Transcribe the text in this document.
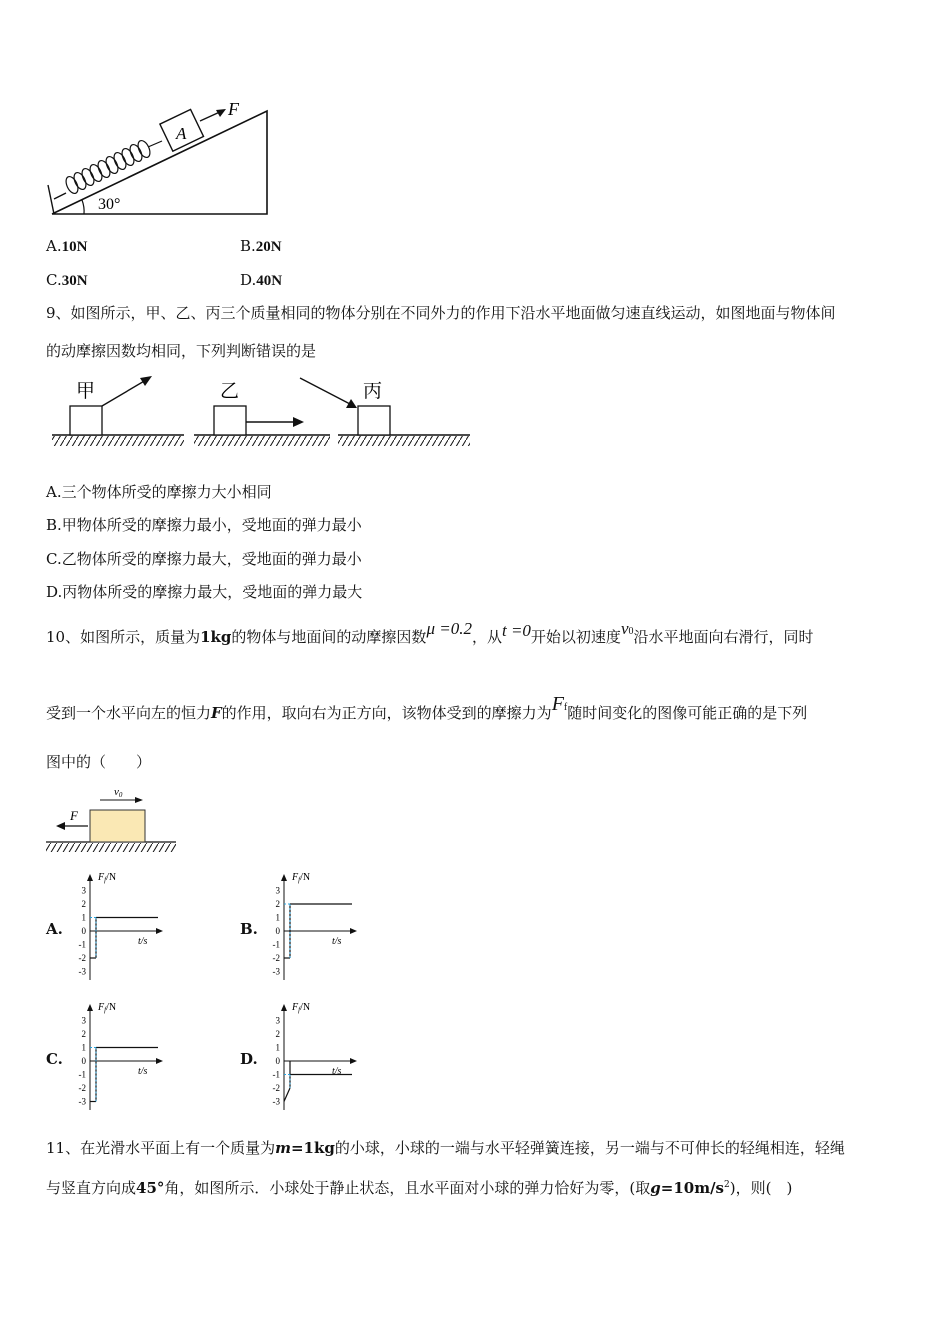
A
F
30°
A.10N	B.20N
C.30N	D.40N
9、如图所示，甲、乙、丙三个质量相同的物体分别在不同外力的作用下沿水平地面做匀速直线运动，如图地面与物体间
的动摩擦因数均相同，下列判断错误的是
甲	乙	丙
A.三个物体所受的摩擦力大小相同
B.甲物体所受的摩擦力最小，受地面的弹力最小
C.乙物体所受的摩擦力最大，受地面的弹力最小
D.丙物体所受的摩擦力最大，受地面的弹力最大
10、如图所示，质量为1kg的物体与地面间的动摩擦因数μ =0.2，从t =0开始以初速度v0沿水平地面向右滑行，同时
受到一个水平向左的恒力F的作用，取向右为正方向，该物体受到的摩擦力为Ff随时间变化的图像可能正确的是下列
图中的（　　）
v0
F
A.
$F_f/N$
t/s
3
2
1
0
-1
-2
-3
B.
$F_f/N$
t/s
3
2
1
0
-1
-2
-3
C.
$F_f/N$
t/s
3
2
1
0
-1
-2
-3
D.
$F_f/N$
t/s
3
2
1
0
-1
-2
-3
11、在光滑水平面上有一个质量为m=1kg的小球，小球的一端与水平轻弹簧连接，另一端与不可伸长的轻绳相连，轻绳
与竖直方向成45°角，如图所示．小球处于静止状态，且水平面对小球的弹力恰好为零，(取$g=10m/s^2$)，则(　)
